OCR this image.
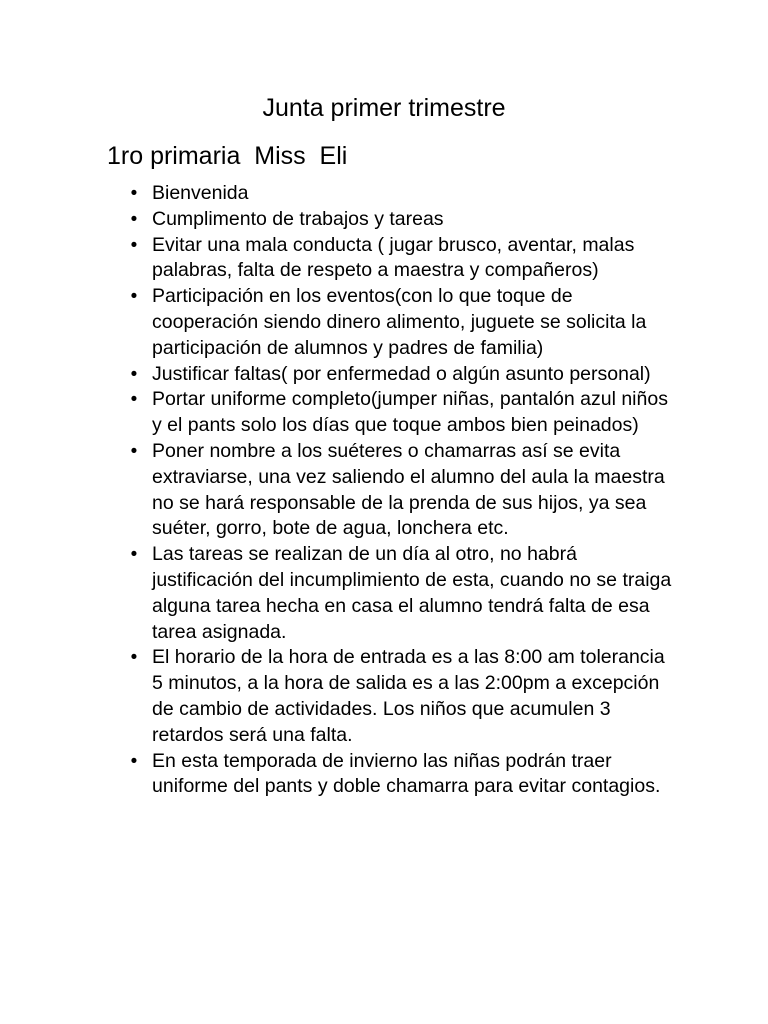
Junta primer trimestre
1ro primaria  Miss  Eli
• Bienvenida
• Cumplimento de trabajos y tareas
• Evitar una mala conducta ( jugar brusco, aventar, malas palabras, falta de respeto a maestra y compañeros)
• Participación en los eventos(con lo que toque de cooperación siendo dinero alimento, juguete se solicita la participación de alumnos y padres de familia)
• Justificar faltas( por enfermedad o algún asunto personal)
• Portar uniforme completo(jumper niñas, pantalón azul niños y el pants solo los días que toque ambos bien peinados)
• Poner nombre a los suéteres o chamarras así se evita extraviarse, una vez saliendo el alumno del aula la maestra no se hará responsable de la prenda de sus hijos, ya sea suéter, gorro, bote de agua, lonchera etc.
• Las tareas se realizan de un día al otro, no habrá justificación del incumplimiento de esta, cuando no se traiga alguna tarea hecha en casa el alumno tendrá falta de esa tarea asignada.
• El horario de la hora de entrada es a las 8:00 am tolerancia 5 minutos, a la hora de salida es a las 2:00pm a excepción de cambio de actividades. Los niños que acumulen 3 retardos será una falta.
• En esta temporada de invierno las niñas podrán traer uniforme del pants y doble chamarra para evitar contagios.
